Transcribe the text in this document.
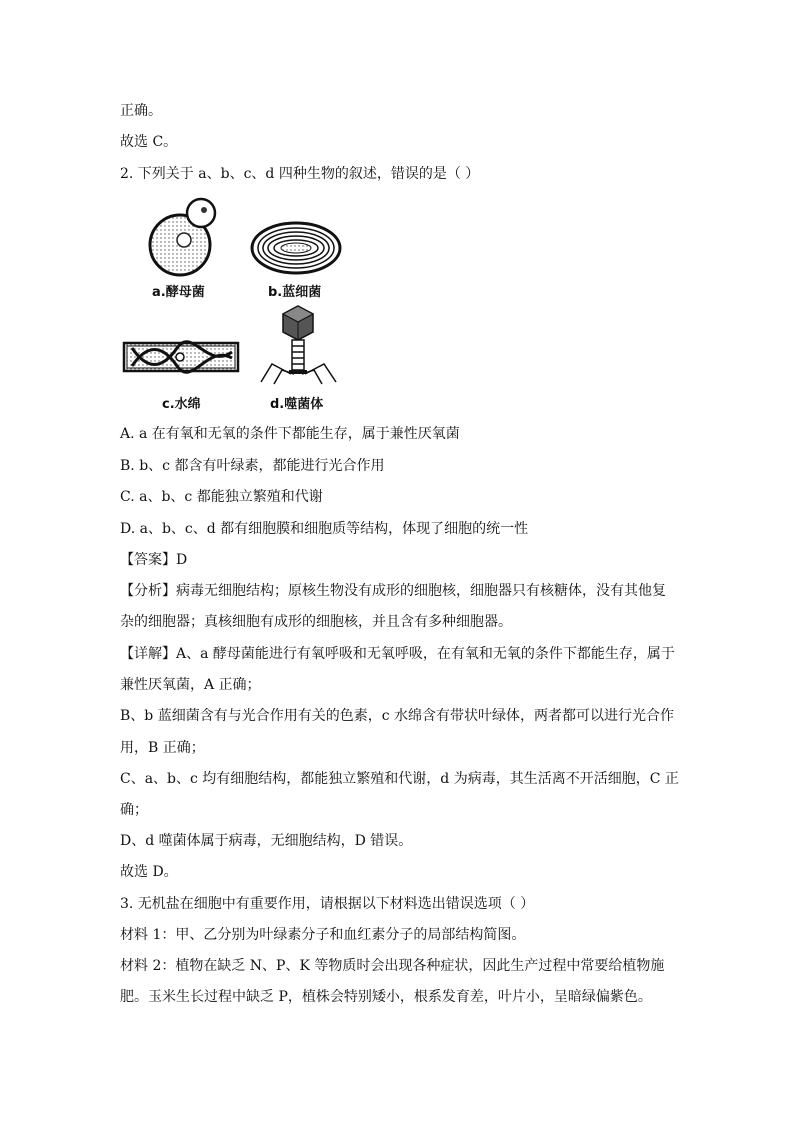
正确。
故选 C。
2. 下列关于 a、b、c、d 四种生物的叙述，错误的是（ ）
a.酵母菌	b.蓝细菌
c.水绵	d.噬菌体
A. a 在有氧和无氧的条件下都能生存，属于兼性厌氧菌
B. b、c 都含有叶绿素，都能进行光合作用
C. a、b、c 都能独立繁殖和代谢
D. a、b、c、d 都有细胞膜和细胞质等结构，体现了细胞的统一性
【答案】D
【分析】病毒无细胞结构；原核生物没有成形的细胞核，细胞器只有核糖体，没有其他复
杂的细胞器；真核细胞有成形的细胞核，并且含有多种细胞器。
【详解】A、a 酵母菌能进行有氧呼吸和无氧呼吸，在有氧和无氧的条件下都能生存，属于
兼性厌氧菌，A 正确；
B、b 蓝细菌含有与光合作用有关的色素，c 水绵含有带状叶绿体，两者都可以进行光合作
用，B 正确；
C、a、b、c 均有细胞结构，都能独立繁殖和代谢，d 为病毒，其生活离不开活细胞，C 正
确；
D、d 噬菌体属于病毒，无细胞结构，D 错误。
故选 D。
3. 无机盐在细胞中有重要作用，请根据以下材料选出错误选项（ ）
材料 1：甲、乙分别为叶绿素分子和血红素分子的局部结构简图。
材料 2：植物在缺乏 N、P、K 等物质时会出现各种症状，因此生产过程中常要给植物施
肥。玉米生长过程中缺乏 P，植株会特别矮小，根系发育差，叶片小，呈暗绿偏紫色。
